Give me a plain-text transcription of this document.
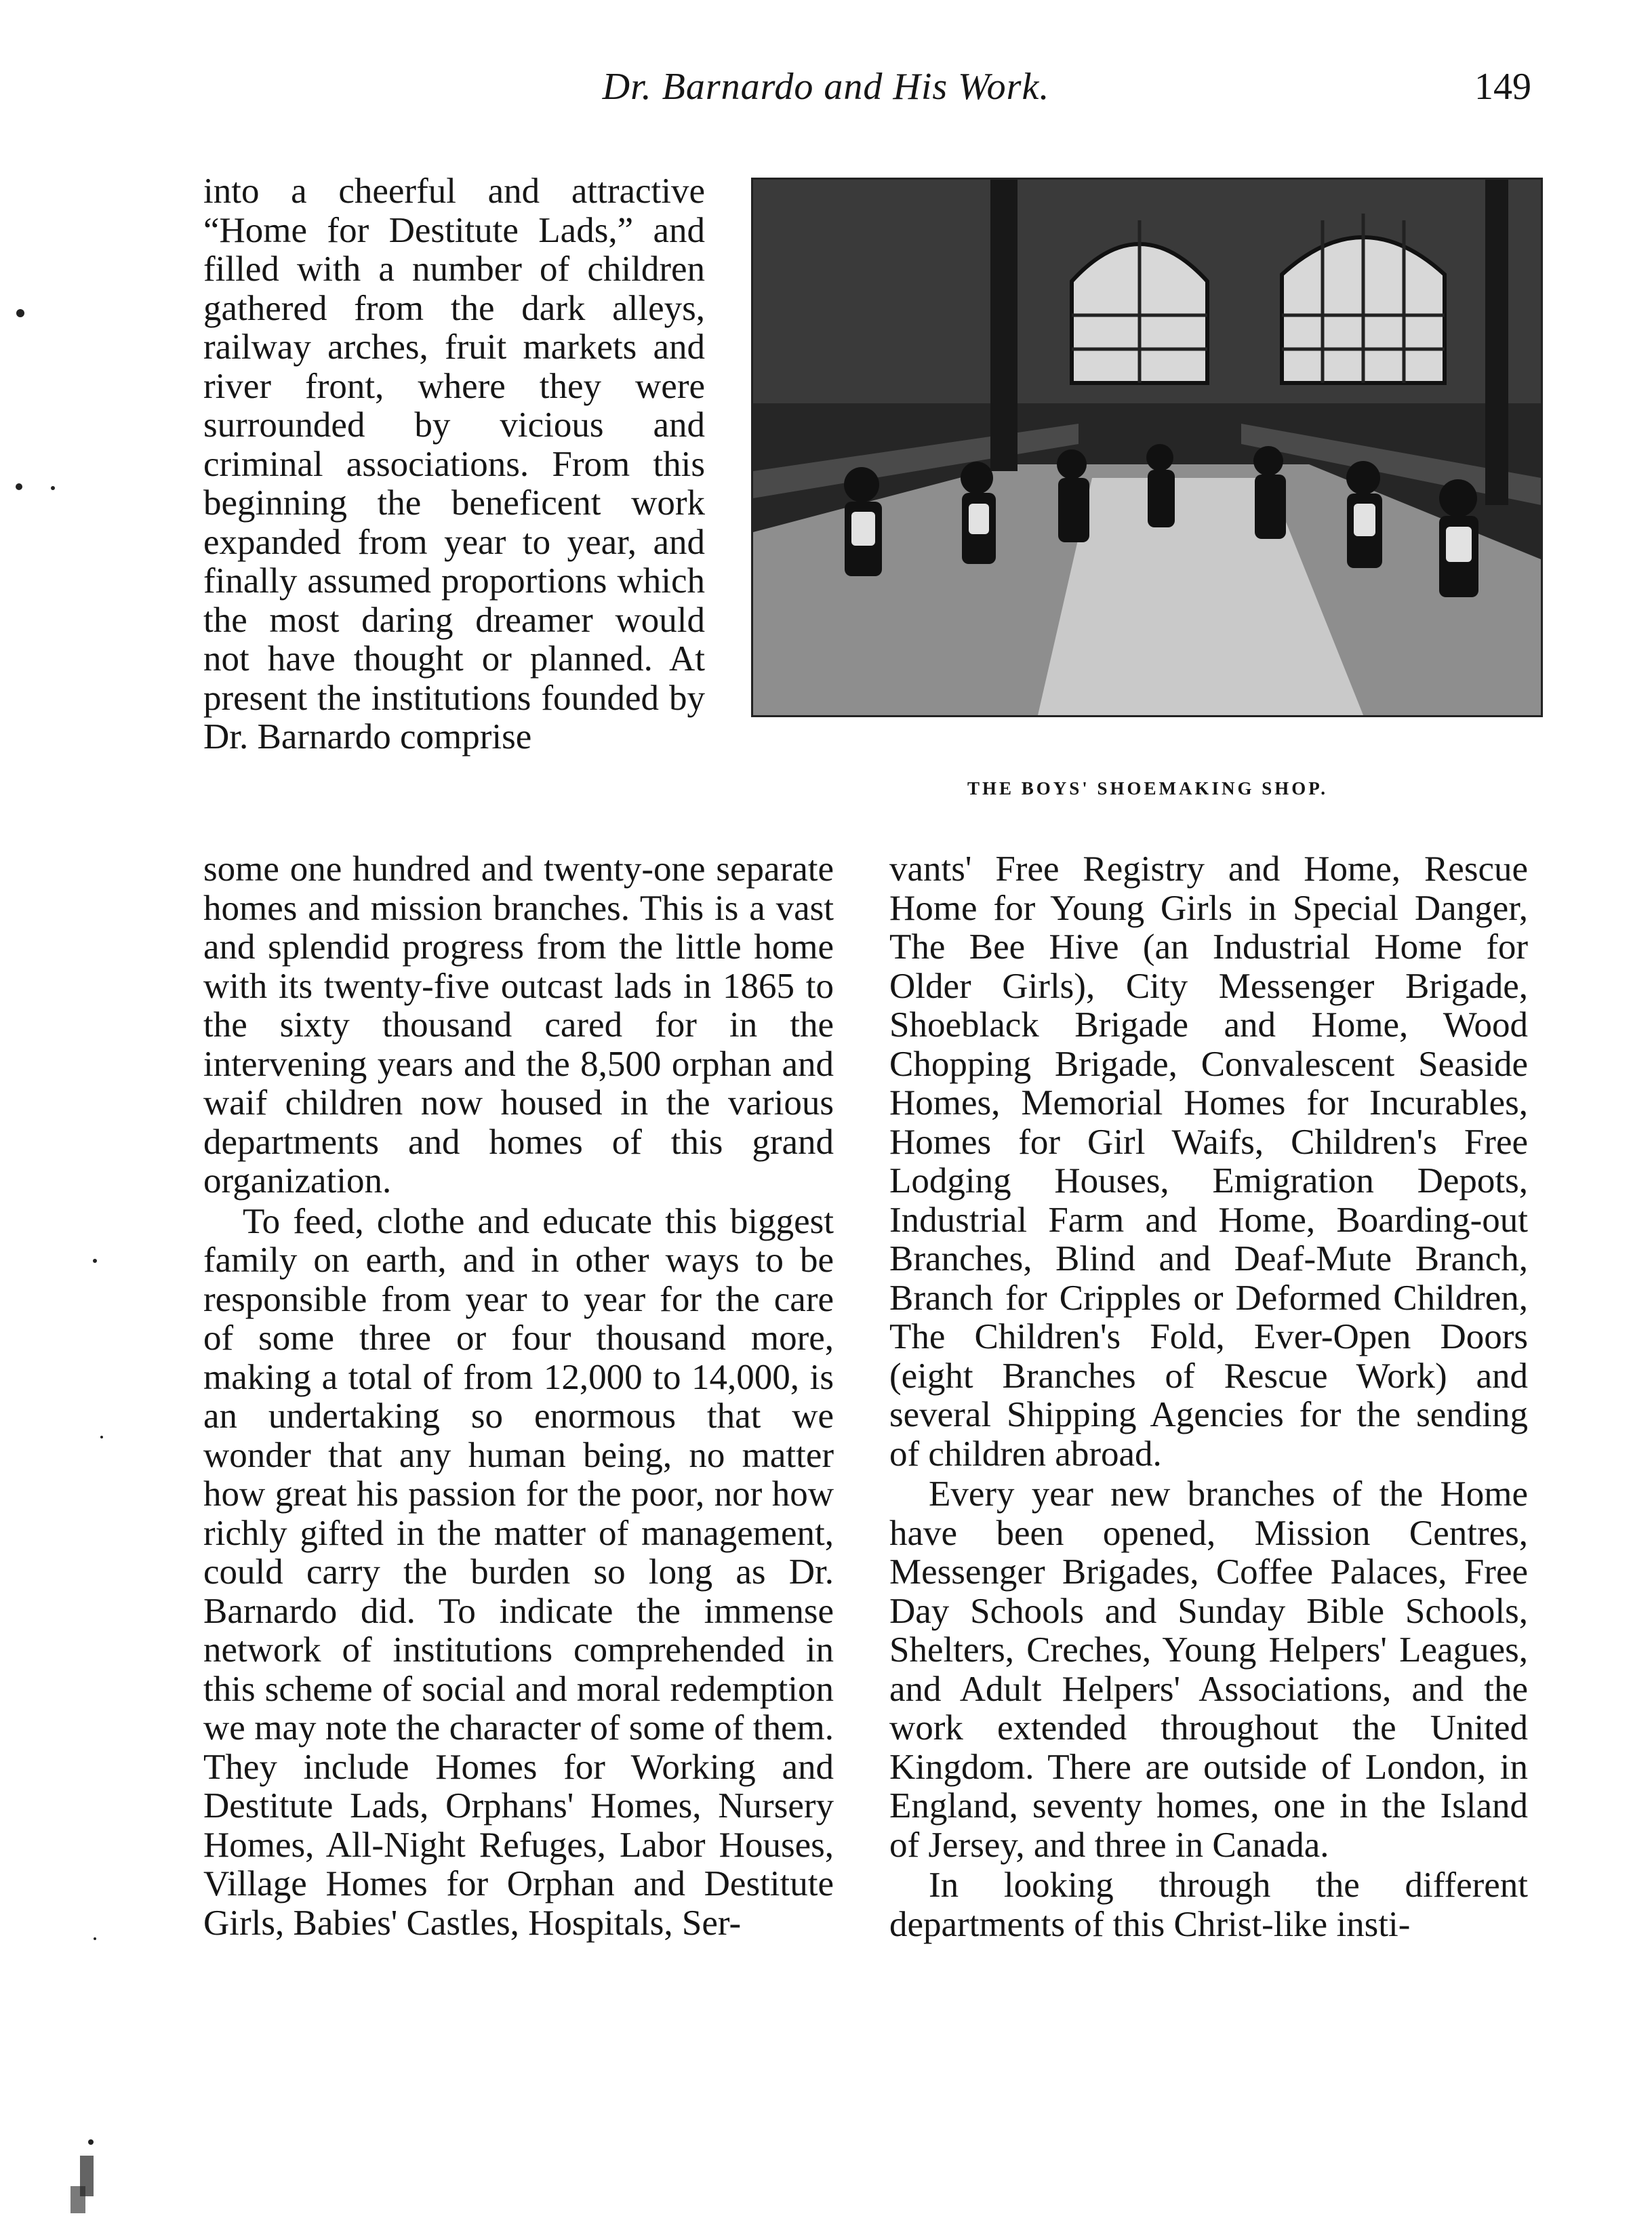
Dr. Barnardo and His Work.	149
THE BOYS' SHOEMAKING SHOP.

into a cheerful and attractive “Home for Destitute Lads,” and filled with a number of children gathered from the dark alleys, railway arches, fruit markets and river front, where they were surrounded by vicious and criminal associations. From this beginning the beneficent work expanded from year to year, and finally assumed proportions which the most daring dreamer would not have thought or planned. At present the institutions founded by Dr. Barnardo comprise

some one hundred and twenty-one separate homes and mission branches. This is a vast and splendid progress from the little home with its twenty-five outcast lads in 1865 to the sixty thousand cared for in the intervening years and the 8,500 orphan and waif children now housed in the various departments and homes of this grand organization.

To feed, clothe and educate this biggest family on earth, and in other ways to be responsible from year to year for the care of some three or four thousand more, making a total of from 12,000 to 14,000, is an undertaking so enormous that we wonder that any human being, no matter how great his passion for the poor, nor how richly gifted in the matter of management, could carry the burden so long as Dr. Barnardo did. To indicate the immense network of institutions comprehended in this scheme of social and moral redemption we may note the character of some of them. They include Homes for Working and Destitute Lads, Orphans' Homes, Nursery Homes, All-Night Refuges, Labor Houses, Village Homes for Orphan and Destitute Girls, Babies' Castles, Hospitals, Ser-

vants' Free Registry and Home, Rescue Home for Young Girls in Special Danger, The Bee Hive (an Industrial Home for Older Girls), City Messenger Brigade, Shoeblack Brigade and Home, Wood Chopping Brigade, Convalescent Seaside Homes, Memorial Homes for Incurables, Homes for Girl Waifs, Children's Free Lodging Houses, Emigration Depots, Industrial Farm and Home, Boarding-out Branches, Blind and Deaf-Mute Branch, Branch for Cripples or Deformed Children, The Children's Fold, Ever-Open Doors (eight Branches of Rescue Work) and several Shipping Agencies for the sending of children abroad.

Every year new branches of the Home have been opened, Mission Centres, Messenger Brigades, Coffee Palaces, Free Day Schools and Sunday Bible Schools, Shelters, Creches, Young Helpers' Leagues, and Adult Helpers' Associations, and the work extended throughout the United Kingdom. There are outside of London, in England, seventy homes, one in the Island of Jersey, and three in Canada.

In looking through the different departments of this Christ-like insti-
